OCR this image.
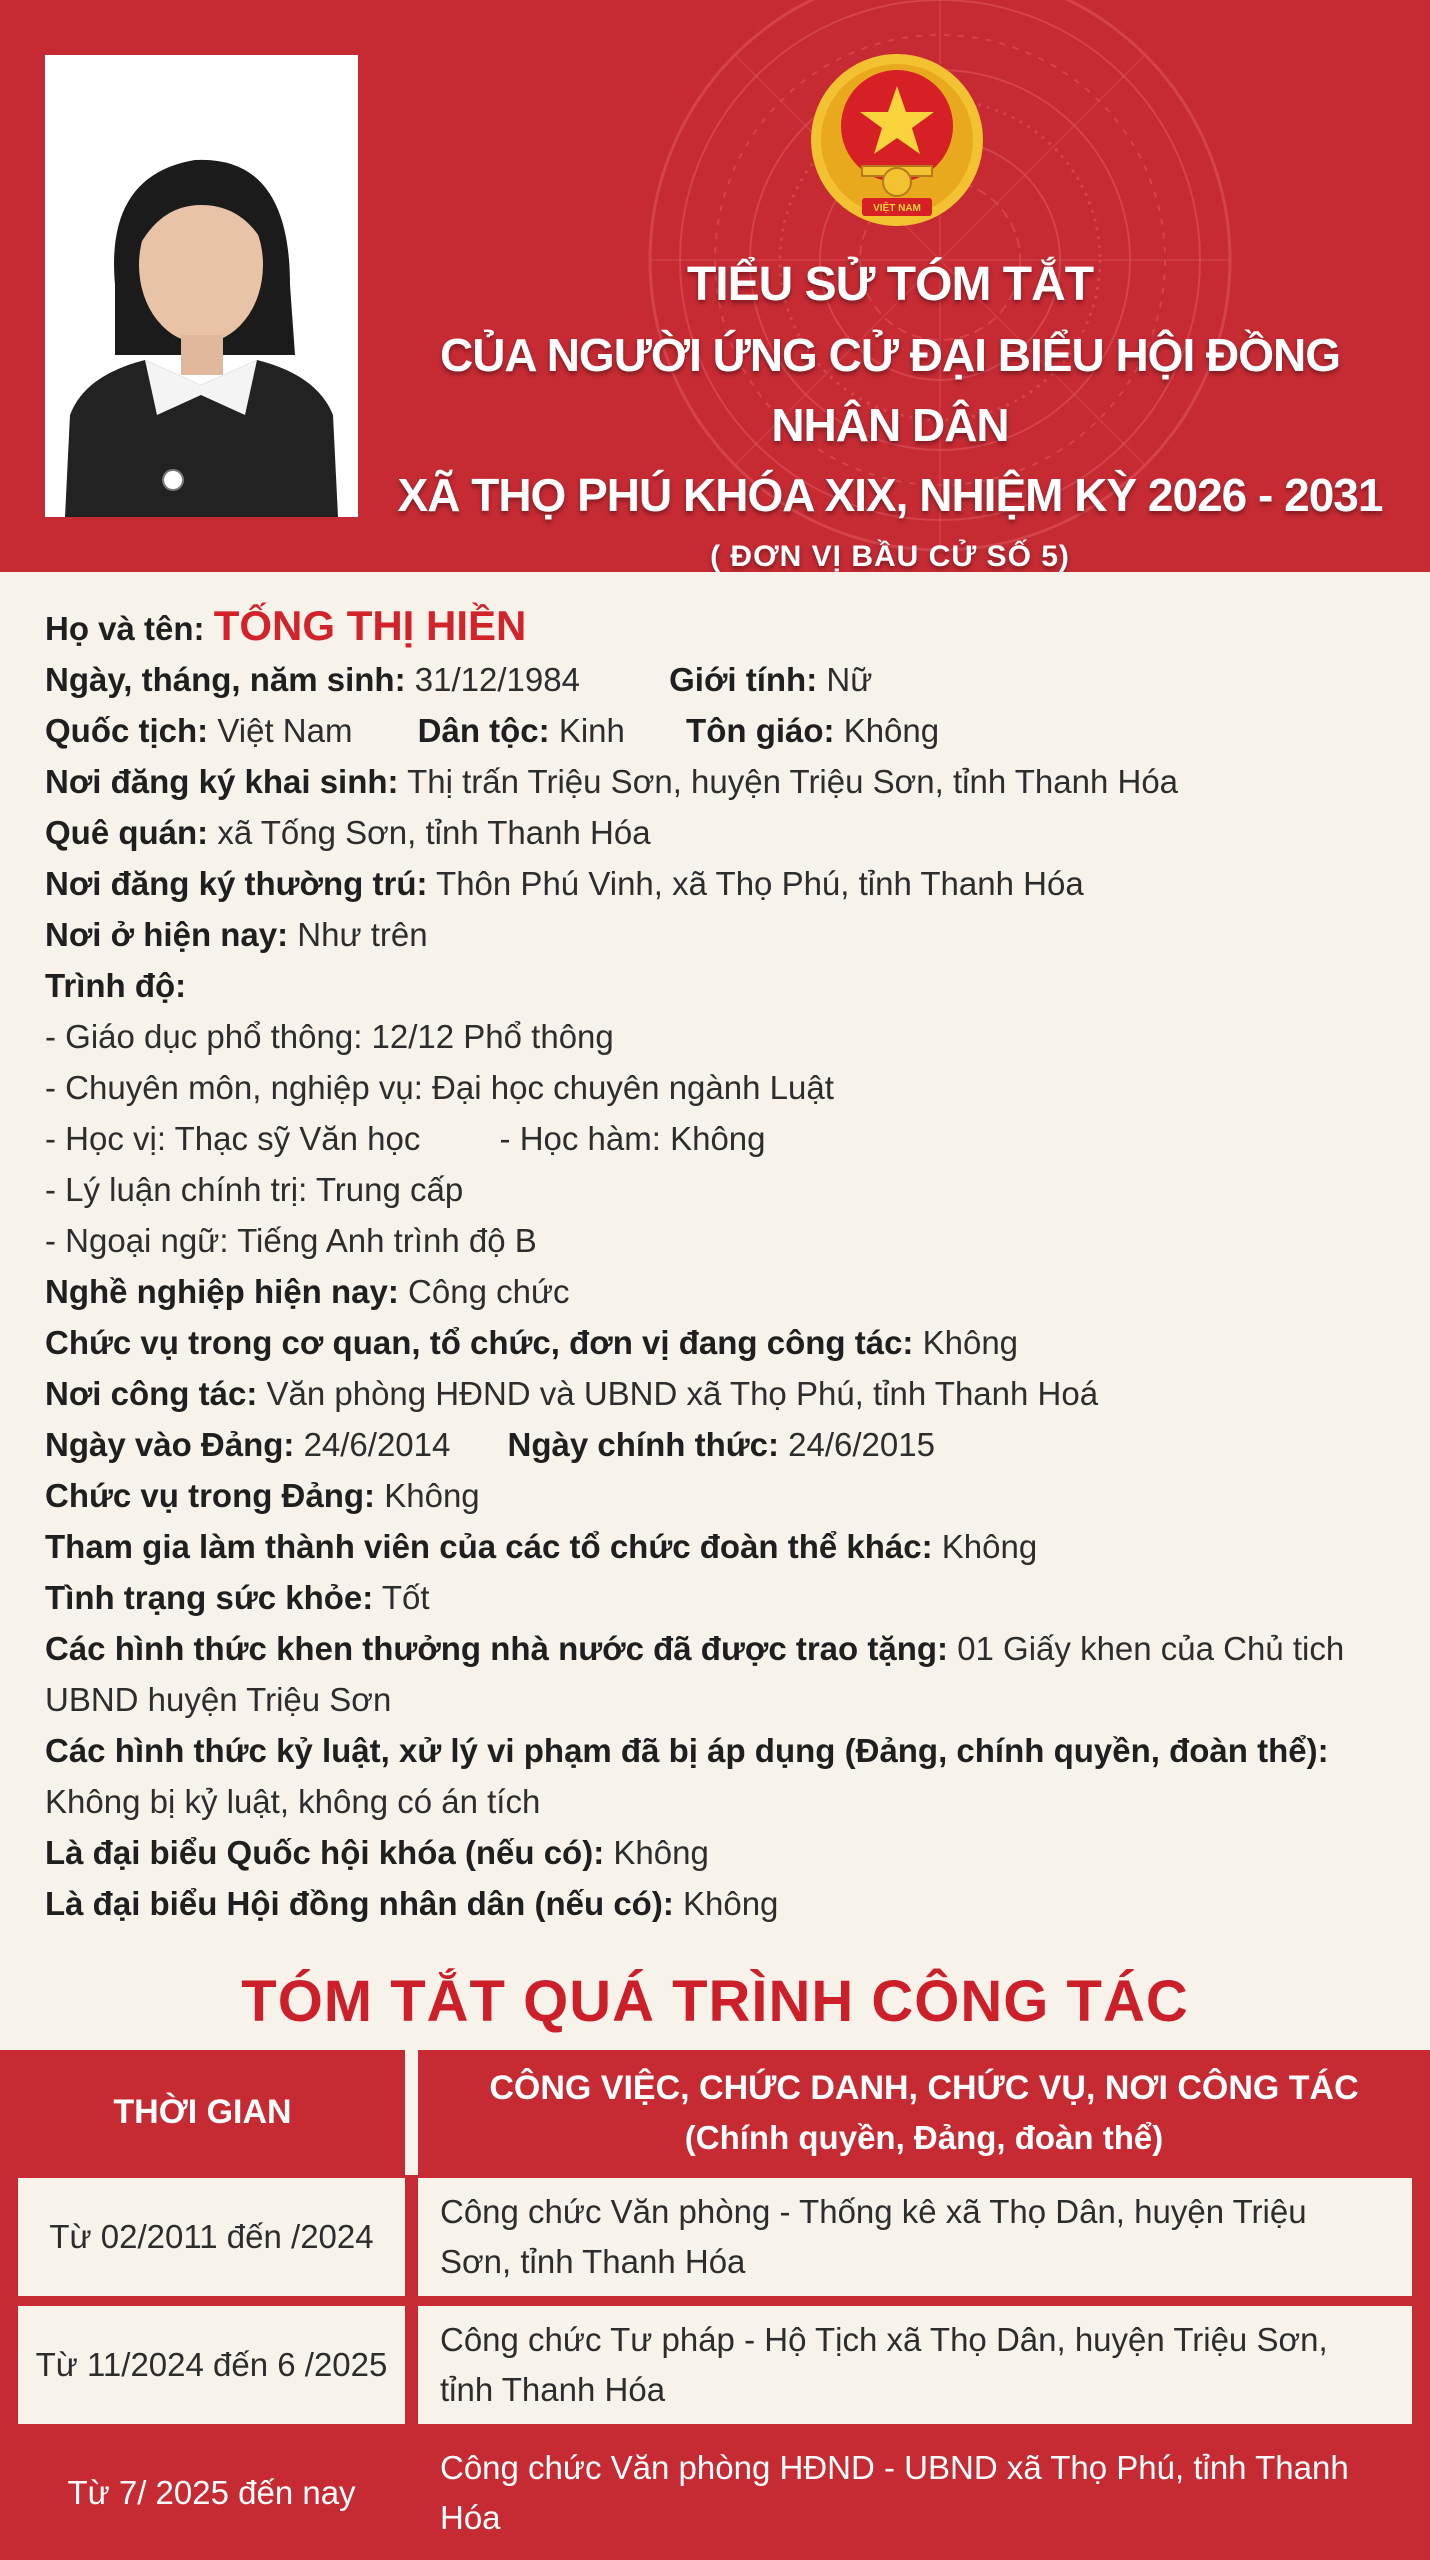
VIỆT NAM
TIỂU SỬ TÓM TẮT
CỦA NGƯỜI ỨNG CỬ ĐẠI BIỂU HỘI ĐỒNG NHÂN DÂN
XÃ THỌ PHÚ KHÓA XIX, NHIỆM KỲ 2026 - 2031
( ĐƠN VỊ BẦU CỬ SỐ 5)
Họ và tên: TỐNG THỊ HIỀN
Ngày, tháng, năm sinh: 31/12/1984	Giới tính: Nữ
Quốc tịch: Việt Nam Dân tộc: Kinh Tôn giáo: Không
Nơi đăng ký khai sinh: Thị trấn Triệu Sơn, huyện Triệu Sơn, tỉnh Thanh Hóa
Quê quán: xã Tống Sơn, tỉnh Thanh Hóa
Nơi đăng ký thường trú: Thôn Phú Vinh, xã Thọ Phú, tỉnh Thanh Hóa
Nơi ở hiện nay: Như trên
Trình độ:
- Giáo dục phổ thông: 12/12 Phổ thông
- Chuyên môn, nghiệp vụ: Đại học chuyên ngành Luật
- Học vị: Thạc sỹ Văn học - Học hàm: Không
- Lý luận chính trị: Trung cấp
- Ngoại ngữ: Tiếng Anh trình độ B
Nghề nghiệp hiện nay: Công chức
Chức vụ trong cơ quan, tổ chức, đơn vị đang công tác: Không
Nơi công tác: Văn phòng HĐND và UBND xã Thọ Phú, tỉnh Thanh Hoá
Ngày vào Đảng: 24/6/2014 Ngày chính thức: 24/6/2015
Chức vụ trong Đảng: Không
Tham gia làm thành viên của các tổ chức đoàn thể khác: Không
Tình trạng sức khỏe: Tốt
Các hình thức khen thưởng nhà nước đã được trao tặng: 01 Giấy khen của Chủ tich UBND huyện Triệu Sơn
Các hình thức kỷ luật, xử lý vi phạm đã bị áp dụng (Đảng, chính quyền, đoàn thể): Không bị kỷ luật, không có án tích
Là đại biểu Quốc hội khóa (nếu có): Không
Là đại biểu Hội đồng nhân dân (nếu có): Không
TÓM TẮT QUÁ TRÌNH CÔNG TÁC
THỜI GIAN
CÔNG VIỆC, CHỨC DANH, CHỨC VỤ, NƠI CÔNG TÁC
(Chính quyền, Đảng, đoàn thể)
Từ 02/2011 đến /2024
Công chức Văn phòng - Thống kê xã Thọ Dân, huyện Triệu Sơn, tỉnh Thanh Hóa
Từ 11/2024 đến 6 /2025
Công chức Tư pháp - Hộ Tịch xã Thọ Dân, huyện Triệu Sơn, tỉnh Thanh Hóa
Từ 7/ 2025 đến nay
Công chức Văn phòng HĐND - UBND xã Thọ Phú, tỉnh Thanh Hóa
